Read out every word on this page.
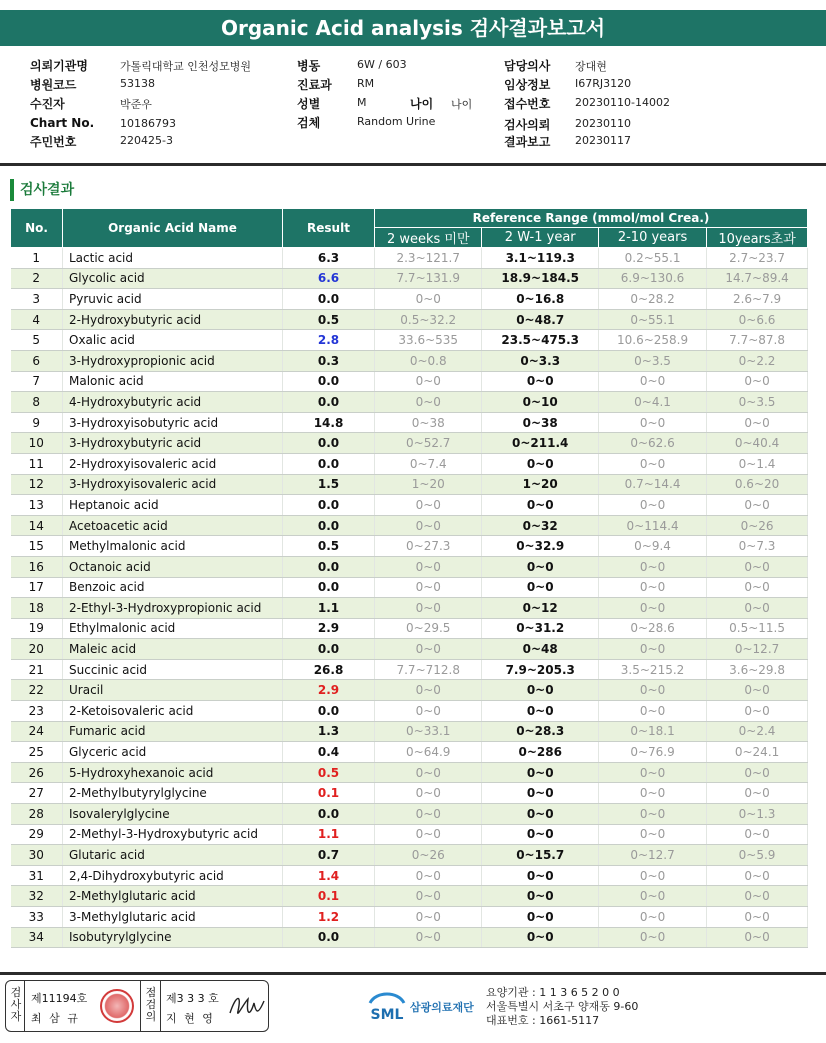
Organic Acid analysis 검사결과보고서
의뢰기관명	가톨릭대학교 인천성모병원
병원코드	53138
수진자	박준우
Chart No. 10186793
주민번호	220425-3
병동	6W / 603
진료과 RM
성별	M	나이 나이
검체	Random Urine
담당의사 장대현
임상정보 I67RJ3120
접수번호 20230110-14002
검사의뢰 20230110
결과보고 20230117
검사결과
No.	Organic Acid Name	Result	Reference Range (mmol/mol Crea.)			
			2 weeks 미만	2 W-1 year	2-10 years	10years초과
1	Lactic acid	6.3	2.3~121.7	3.1~119.3	0.2~55.1	2.7~23.7
2	Glycolic acid	6.6	7.7~131.9	18.9~184.5	6.9~130.6	14.7~89.4
3	Pyruvic acid	0.0	0~0	0~16.8	0~28.2	2.6~7.9
4	2-Hydroxybutyric acid	0.5	0.5~32.2	0~48.7	0~55.1	0~6.6
5	Oxalic acid	2.8	33.6~535	23.5~475.3	10.6~258.9	7.7~87.8
6	3-Hydroxypropionic acid	0.3	0~0.8	0~3.3	0~3.5	0~2.2
7	Malonic acid	0.0	0~0	0~0	0~0	0~0
8	4-Hydroxybutyric acid	0.0	0~0	0~10	0~4.1	0~3.5
9	3-Hydroxyisobutyric acid	14.8	0~38	0~38	0~0	0~0
10	3-Hydroxybutyric acid	0.0	0~52.7	0~211.4	0~62.6	0~40.4
11	2-Hydroxyisovaleric acid	0.0	0~7.4	0~0	0~0	0~1.4
12	3-Hydroxyisovaleric acid	1.5	1~20	1~20	0.7~14.4	0.6~20
13	Heptanoic acid	0.0	0~0	0~0	0~0	0~0
14	Acetoacetic acid	0.0	0~0	0~32	0~114.4	0~26
15	Methylmalonic acid	0.5	0~27.3	0~32.9	0~9.4	0~7.3
16	Octanoic acid	0.0	0~0	0~0	0~0	0~0
17	Benzoic acid	0.0	0~0	0~0	0~0	0~0
18	2-Ethyl-3-Hydroxypropionic acid	1.1	0~0	0~12	0~0	0~0
19	Ethylmalonic acid	2.9	0~29.5	0~31.2	0~28.6	0.5~11.5
20	Maleic acid	0.0	0~0	0~48	0~0	0~12.7
21	Succinic acid	26.8	7.7~712.8	7.9~205.3	3.5~215.2	3.6~29.8
22	Uracil	2.9	0~0	0~0	0~0	0~0
23	2-Ketoisovaleric acid	0.0	0~0	0~0	0~0	0~0
24	Fumaric acid	1.3	0~33.1	0~28.3	0~18.1	0~2.4
25	Glyceric acid	0.4	0~64.9	0~286	0~76.9	0~24.1
26	5-Hydroxyhexanoic acid	0.5	0~0	0~0	0~0	0~0
27	2-Methylbutyrylglycine	0.1	0~0	0~0	0~0	0~0
28	Isovalerylglycine	0.0	0~0	0~0	0~0	0~1.3
29	2-Methyl-3-Hydroxybutyric acid	1.1	0~0	0~0	0~0	0~0
30	Glutaric acid	0.7	0~26	0~15.7	0~12.7	0~5.9
31	2,4-Dihydroxybutyric acid	1.4	0~0	0~0	0~0	0~0
32	2-Methylglutaric acid	0.1	0~0	0~0	0~0	0~0
33	3-Methylglutaric acid	1.2	0~0	0~0	0~0	0~0
34	Isobutyrylglycine	0.0	0~0	0~0	0~0	0~0
검사자
제11194호
최 삼 규
점검의
제3 3 3 호
지 현 영	SML 삼광의료재단
요양기관 : 1 1 3 6 5 2 0 0
서울특별시 서초구 양재동 9-60
대표번호 : 1661-5117
